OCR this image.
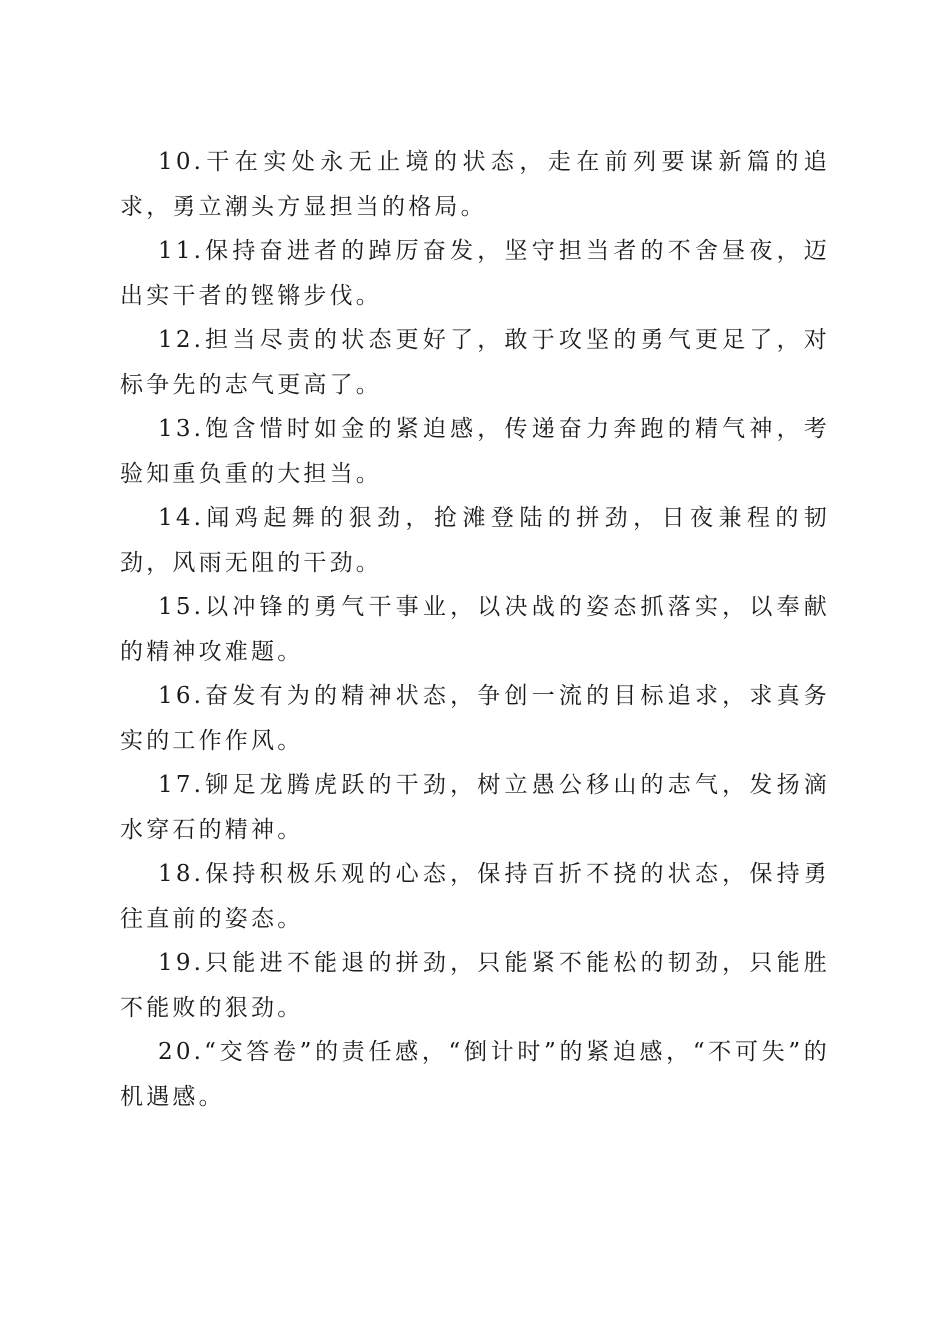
10.干在实处永无止境的状态，走在前列要谋新篇的追求，勇立潮头方显担当的格局。

11.保持奋进者的踔厉奋发，坚守担当者的不舍昼夜，迈出实干者的铿锵步伐。

12.担当尽责的状态更好了，敢于攻坚的勇气更足了，对标争先的志气更高了。

13.饱含惜时如金的紧迫感，传递奋力奔跑的精气神，考验知重负重的大担当。

14.闻鸡起舞的狠劲，抢滩登陆的拼劲，日夜兼程的韧劲，风雨无阻的干劲。

15.以冲锋的勇气干事业，以决战的姿态抓落实，以奉献的精神攻难题。

16.奋发有为的精神状态，争创一流的目标追求，求真务实的工作作风。

17.铆足龙腾虎跃的干劲，树立愚公移山的志气，发扬滴水穿石的精神。

18.保持积极乐观的心态，保持百折不挠的状态，保持勇往直前的姿态。

19.只能进不能退的拼劲，只能紧不能松的韧劲，只能胜不能败的狠劲。

20.“交答卷”的责任感，“倒计时”的紧迫感，“不可失”的机遇感。
